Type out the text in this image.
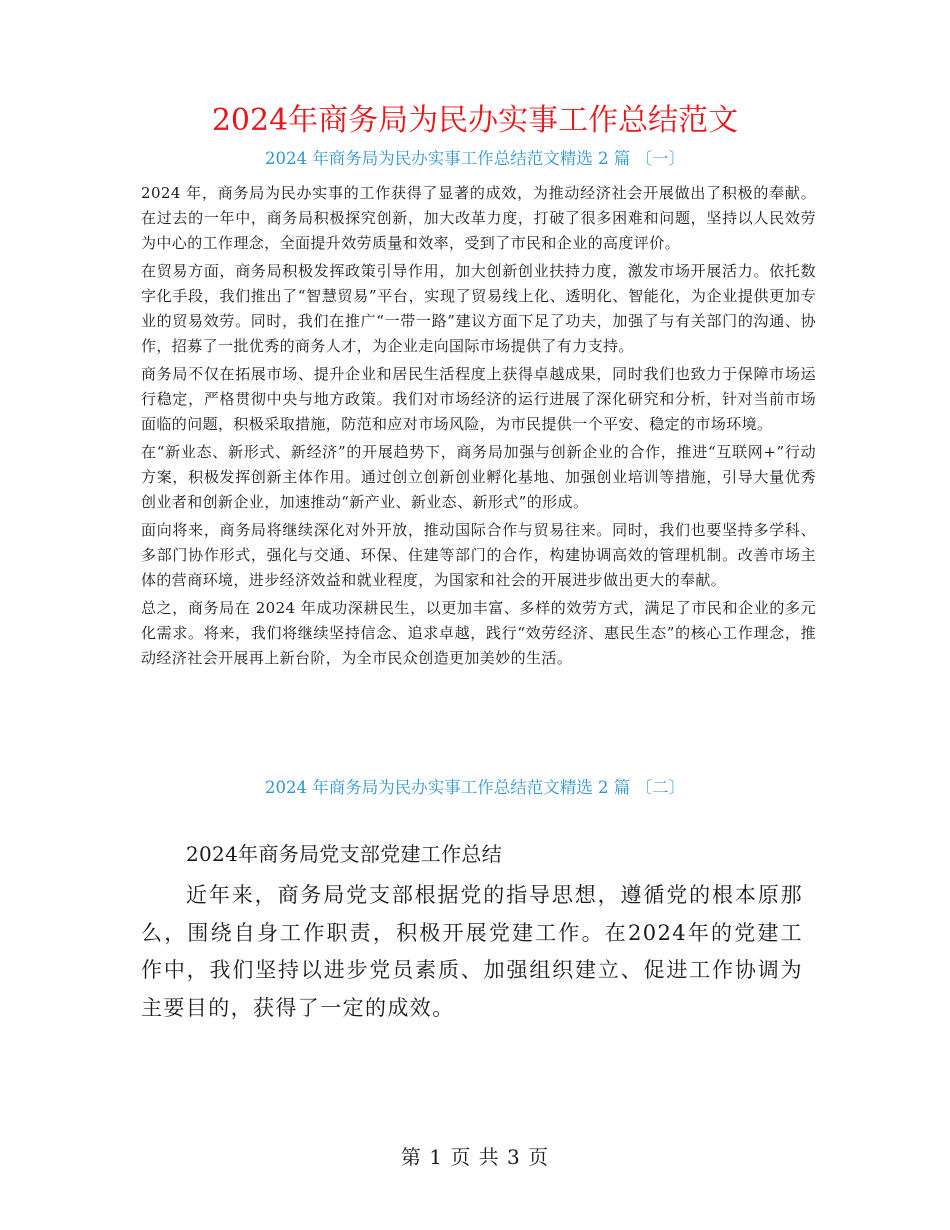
2024年商务局为民办实事工作总结范文
2024 年商务局为民办实事工作总结范文精选 2 篇 〔一〕

2024 年，商务局为民办实事的工作获得了显著的成效，为推动经济社会开展做出了积极的奉献。在过去的一年中，商务局积极探究创新，加大改革力度，打破了很多困难和问题，坚持以人民效劳为中心的工作理念，全面提升效劳质量和效率，受到了市民和企业的高度评价。

在贸易方面，商务局积极发挥政策引导作用，加大创新创业扶持力度，激发市场开展活力。依托数字化手段，我们推出了“智慧贸易”平台，实现了贸易线上化、透明化、智能化，为企业提供更加专业的贸易效劳。同时，我们在推广“一带一路”建议方面下足了功夫，加强了与有关部门的沟通、协作，招募了一批优秀的商务人才，为企业走向国际市场提供了有力支持。

商务局不仅在拓展市场、提升企业和居民生活程度上获得卓越成果，同时我们也致力于保障市场运行稳定，严格贯彻中央与地方政策。我们对市场经济的运行进展了深化研究和分析，针对当前市场面临的问题，积极采取措施，防范和应对市场风险，为市民提供一个平安、稳定的市场环境。

在“新业态、新形式、新经济”的开展趋势下，商务局加强与创新企业的合作，推进“互联网+”行动方案，积极发挥创新主体作用。通过创立创新创业孵化基地、加强创业培训等措施，引导大量优秀创业者和创新企业，加速推动“新产业、新业态、新形式”的形成。

面向将来，商务局将继续深化对外开放，推动国际合作与贸易往来。同时，我们也要坚持多学科、多部门协作形式，强化与交通、环保、住建等部门的合作，构建协调高效的管理机制。改善市场主体的营商环境，进步经济效益和就业程度，为国家和社会的开展进步做出更大的奉献。

总之，商务局在 2024 年成功深耕民生，以更加丰富、多样的效劳方式，满足了市民和企业的多元化需求。将来，我们将继续坚持信念、追求卓越，践行“效劳经济、惠民生态”的核心工作理念，推动经济社会开展再上新台阶，为全市民众创造更加美妙的生活。

2024 年商务局为民办实事工作总结范文精选 2 篇 〔二〕

2024年商务局党支部党建工作总结

近年来，商务局党支部根据党的指导思想，遵循党的根本原那么，围绕自身工作职责，积极开展党建工作。在2024年的党建工作中，我们坚持以进步党员素质、加强组织建立、促进工作协调为主要目的，获得了一定的成效。

第 1 页 共 3 页
